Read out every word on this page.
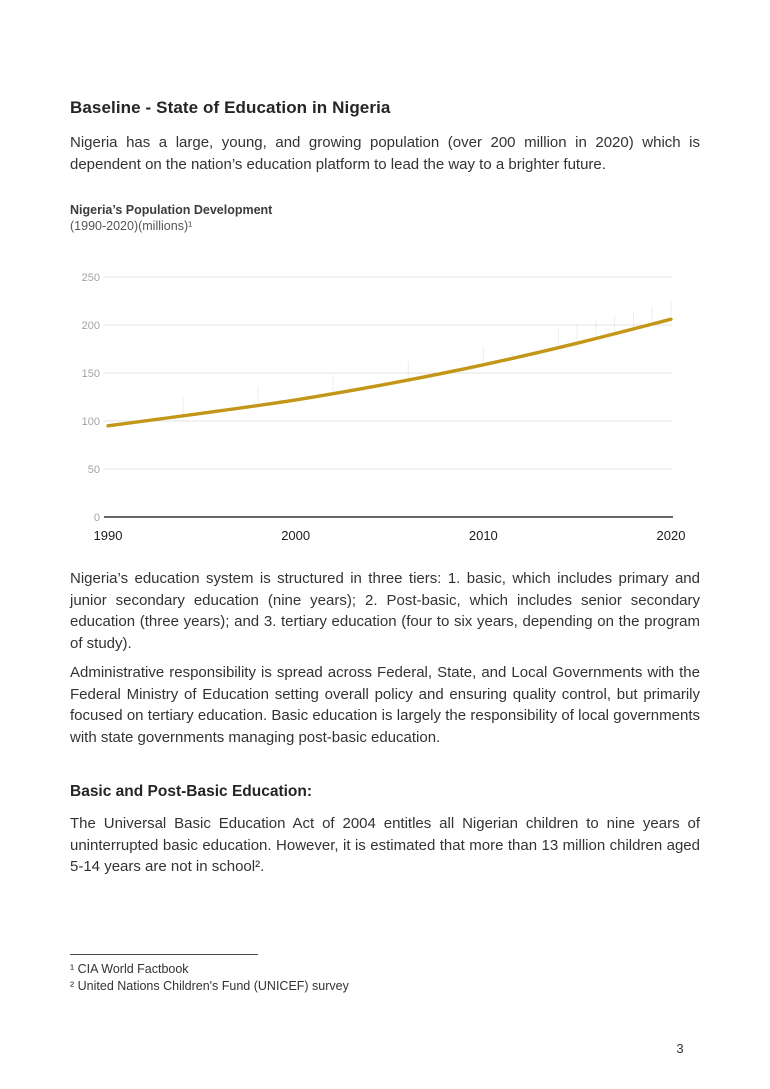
Baseline - State of Education in Nigeria

Nigeria has a large, young, and growing population (over 200 million in 2020) which is dependent on the nation’s education platform to lead the way to a brighter future.

Nigeria’s Population Development
(1990-2020)(millions)¹
0
50
100
150
200
250
1990	2000	2010	2020

Nigeria’s education system is structured in three tiers: 1. basic, which includes primary and junior secondary education (nine years); 2. Post-basic, which includes senior secondary education (three years); and 3. tertiary education (four to six years, depending on the program of study).

Administrative responsibility is spread across Federal, State, and Local Governments with the Federal Ministry of Education setting overall policy and ensuring quality control, but primarily focused on tertiary education. Basic education is largely the responsibility of local governments with state governments managing post-basic education.

Basic and Post-Basic Education:

The Universal Basic Education Act of 2004 entitles all Nigerian children to nine years of uninterrupted basic education. However, it is estimated that more than 13 million children aged 5-14 years are not in school².

¹ CIA World Factbook
² United Nations Children's Fund (UNICEF) survey
3
